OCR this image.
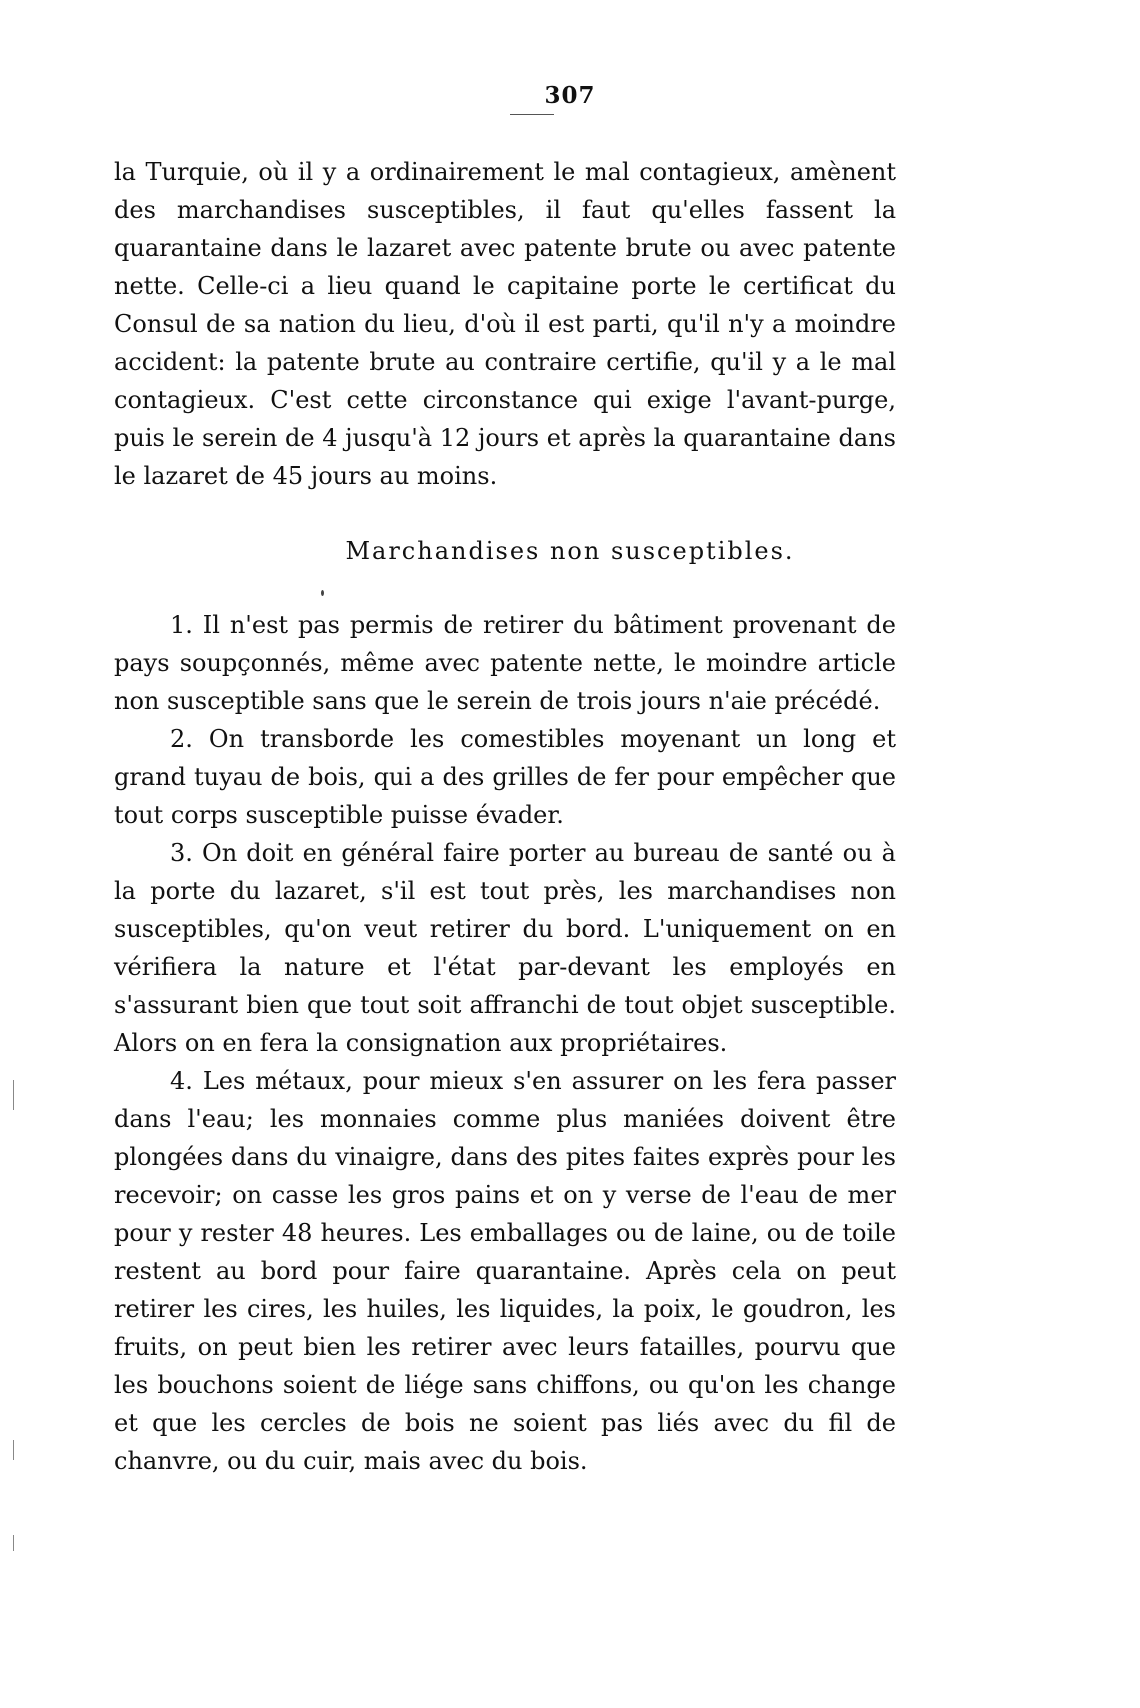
307

la Turquie, où il y a ordinairement le mal contagieux, amènent des marchandises susceptibles, il faut qu'elles fassent la quarantaine dans le lazaret avec patente brute ou avec patente nette. Celle-ci a lieu quand le capitaine porte le certificat du Consul de sa nation du lieu, d'où il est parti, qu'il n'y a moindre accident: la patente brute au contraire certifie, qu'il y a le mal contagieux. C'est cette circonstance qui exige l'avant-purge, puis le serein de 4 jusqu'à 12 jours et après la quarantaine dans le lazaret de 45 jours au moins.

Marchandises non susceptibles.

1. Il n'est pas permis de retirer du bâtiment provenant de pays soupçonnés, même avec patente nette, le moindre article non susceptible sans que le serein de trois jours n'aie précédé.

2. On transborde les comestibles moyenant un long et grand tuyau de bois, qui a des grilles de fer pour empêcher que tout corps susceptible puisse évader.

3. On doit en général faire porter au bureau de santé ou à la porte du lazaret, s'il est tout près, les marchandises non susceptibles, qu'on veut retirer du bord. L'uniquement on en vérifiera la nature et l'état par-devant les employés en s'assurant bien que tout soit affranchi de tout objet susceptible. Alors on en fera la consignation aux propriétaires.

4. Les métaux, pour mieux s'en assurer on les fera passer dans l'eau; les monnaies comme plus maniées doivent être plongées dans du vinaigre, dans des pites faites exprès pour les recevoir; on casse les gros pains et on y verse de l'eau de mer pour y rester 48 heures. Les emballages ou de laine, ou de toile restent au bord pour faire quarantaine. Après cela on peut retirer les cires, les huiles, les liquides, la poix, le goudron, les fruits, on peut bien les retirer avec leurs fatailles, pourvu que les bouchons soient de liége sans chiffons, ou qu'on les change et que les cercles de bois ne soient pas liés avec du fil de chanvre, ou du cuir, mais avec du bois.
